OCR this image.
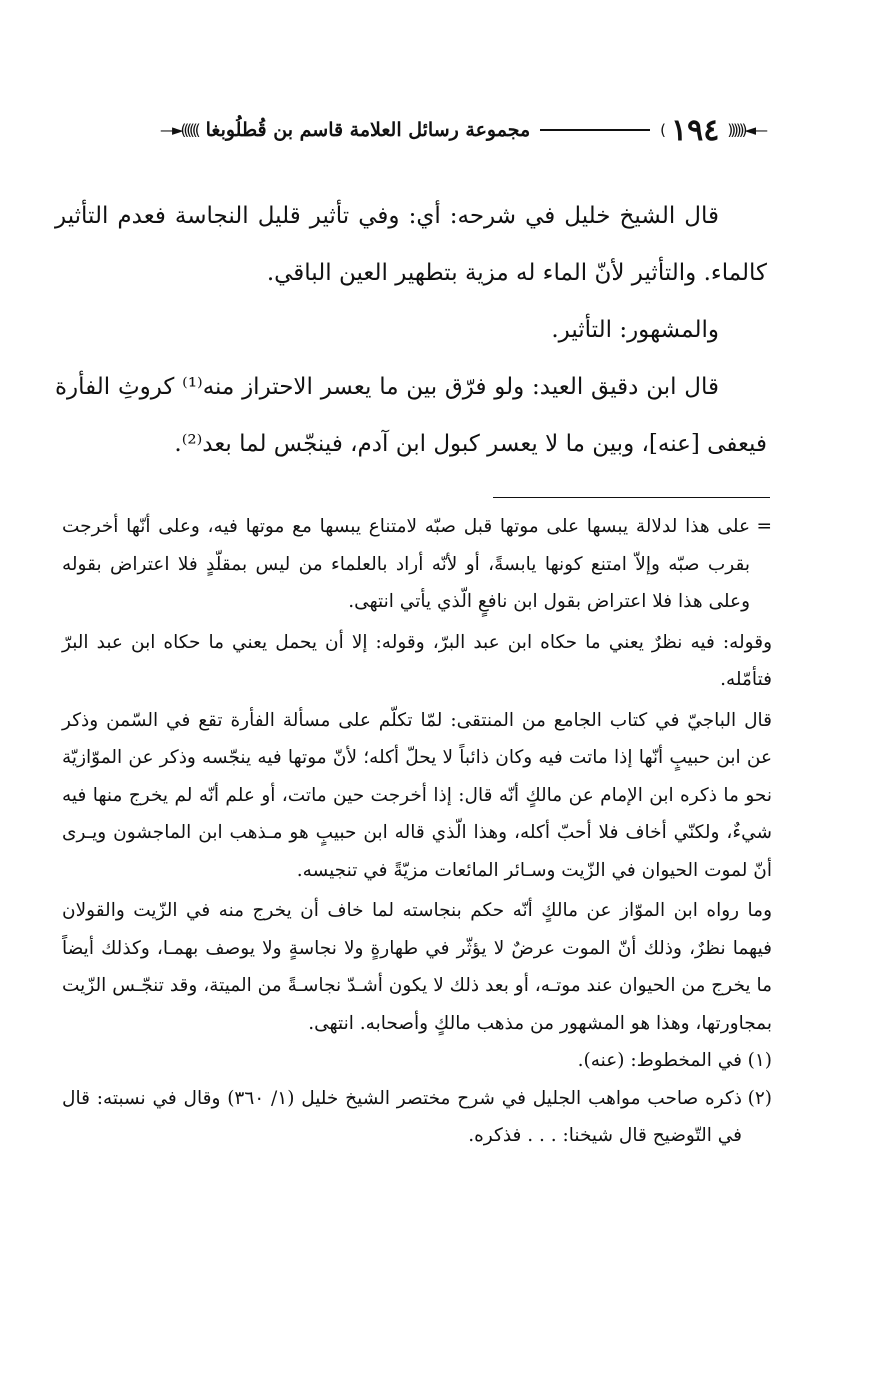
—◄((((((
١٩٤
)
مجموعة رسائل العلامة قاسم بن قُطلُوبغا
))))))►—

قال الشيخ خليل في شرحه: أي: وفي تأثير قليل النجاسة فعدم التأثير كالماء. والتأثير لأنّ الماء له مزية بتطهير العين الباقي.

والمشهور: التأثير.

قال ابن دقيق العيد: ولو فرّق بين ما يعسر الاحتراز منه⁽¹⁾ كروثِ الفأرة فيعفى [عنه]، وبين ما لا يعسر كبول ابن آدم، فينجّس لما بعد⁽²⁾.

=

على هذا لدلالة يبسها على موتها قبل صبّه لامتناع يبسها مع موتها فيه، وعلى أنّها أخرجت بقرب صبّه وإلاّ امتنع كونها يابسةً، أو لأنّه أراد بالعلماء من ليس بمقلّدٍ فلا اعتراض بقوله وعلى هذا فلا اعتراض بقول ابن نافعٍ الّذي يأتي انتهى.

وقوله: فيه نظرٌ يعني ما حكاه ابن عبد البرّ، وقوله: إلا أن يحمل يعني ما حكاه ابن عبد البرّ فتأمّله.

قال الباجيّ في كتاب الجامع من المنتقى: لمّا تكلّم على مسألة الفأرة تقع في السّمن وذكر عن ابن حبيبٍ أنّها إذا ماتت فيه وكان ذائباً لا يحلّ أكله؛ لأنّ موتها فيه ينجّسه وذكر عن الموّازيّة نحو ما ذكره ابن الإمام عن مالكٍ أنّه قال: إذا أخرجت حين ماتت، أو علم أنّه لم يخرج منها فيه شيءٌ، ولكنّي أخاف فلا أحبّ أكله، وهذا الّذي قاله ابن حبيبٍ هو مـذهب ابن الماجشون ويـرى أنّ لموت الحيوان في الزّيت وسـائر المائعات مزيّةً في تنجيسه.

وما رواه ابن الموّاز عن مالكٍ أنّه حكم بنجاسته لما خاف أن يخرج منه في الزّيت والقولان فيهما نظرٌ، وذلك أنّ الموت عرضٌ لا يؤثّر في طهارةٍ ولا نجاسةٍ ولا يوصف بهمـا، وكذلك أيضاً ما يخرج من الحيوان عند موتـه، أو بعد ذلك لا يكون أشـدّ نجاسـةً من الميتة، وقد تنجّـس الزّيت بمجاورتها، وهذا هو المشهور من مذهب مالكٍ وأصحابه. انتهى.

(١)
في المخطوط: (عنه).
(٢)
ذكره صاحب مواهب الجليل في شرح مختصر الشيخ خليل (١/ ٣٦٠) وقال في نسبته: قال في التّوضيح قال شيخنا: . . . فذكره.
